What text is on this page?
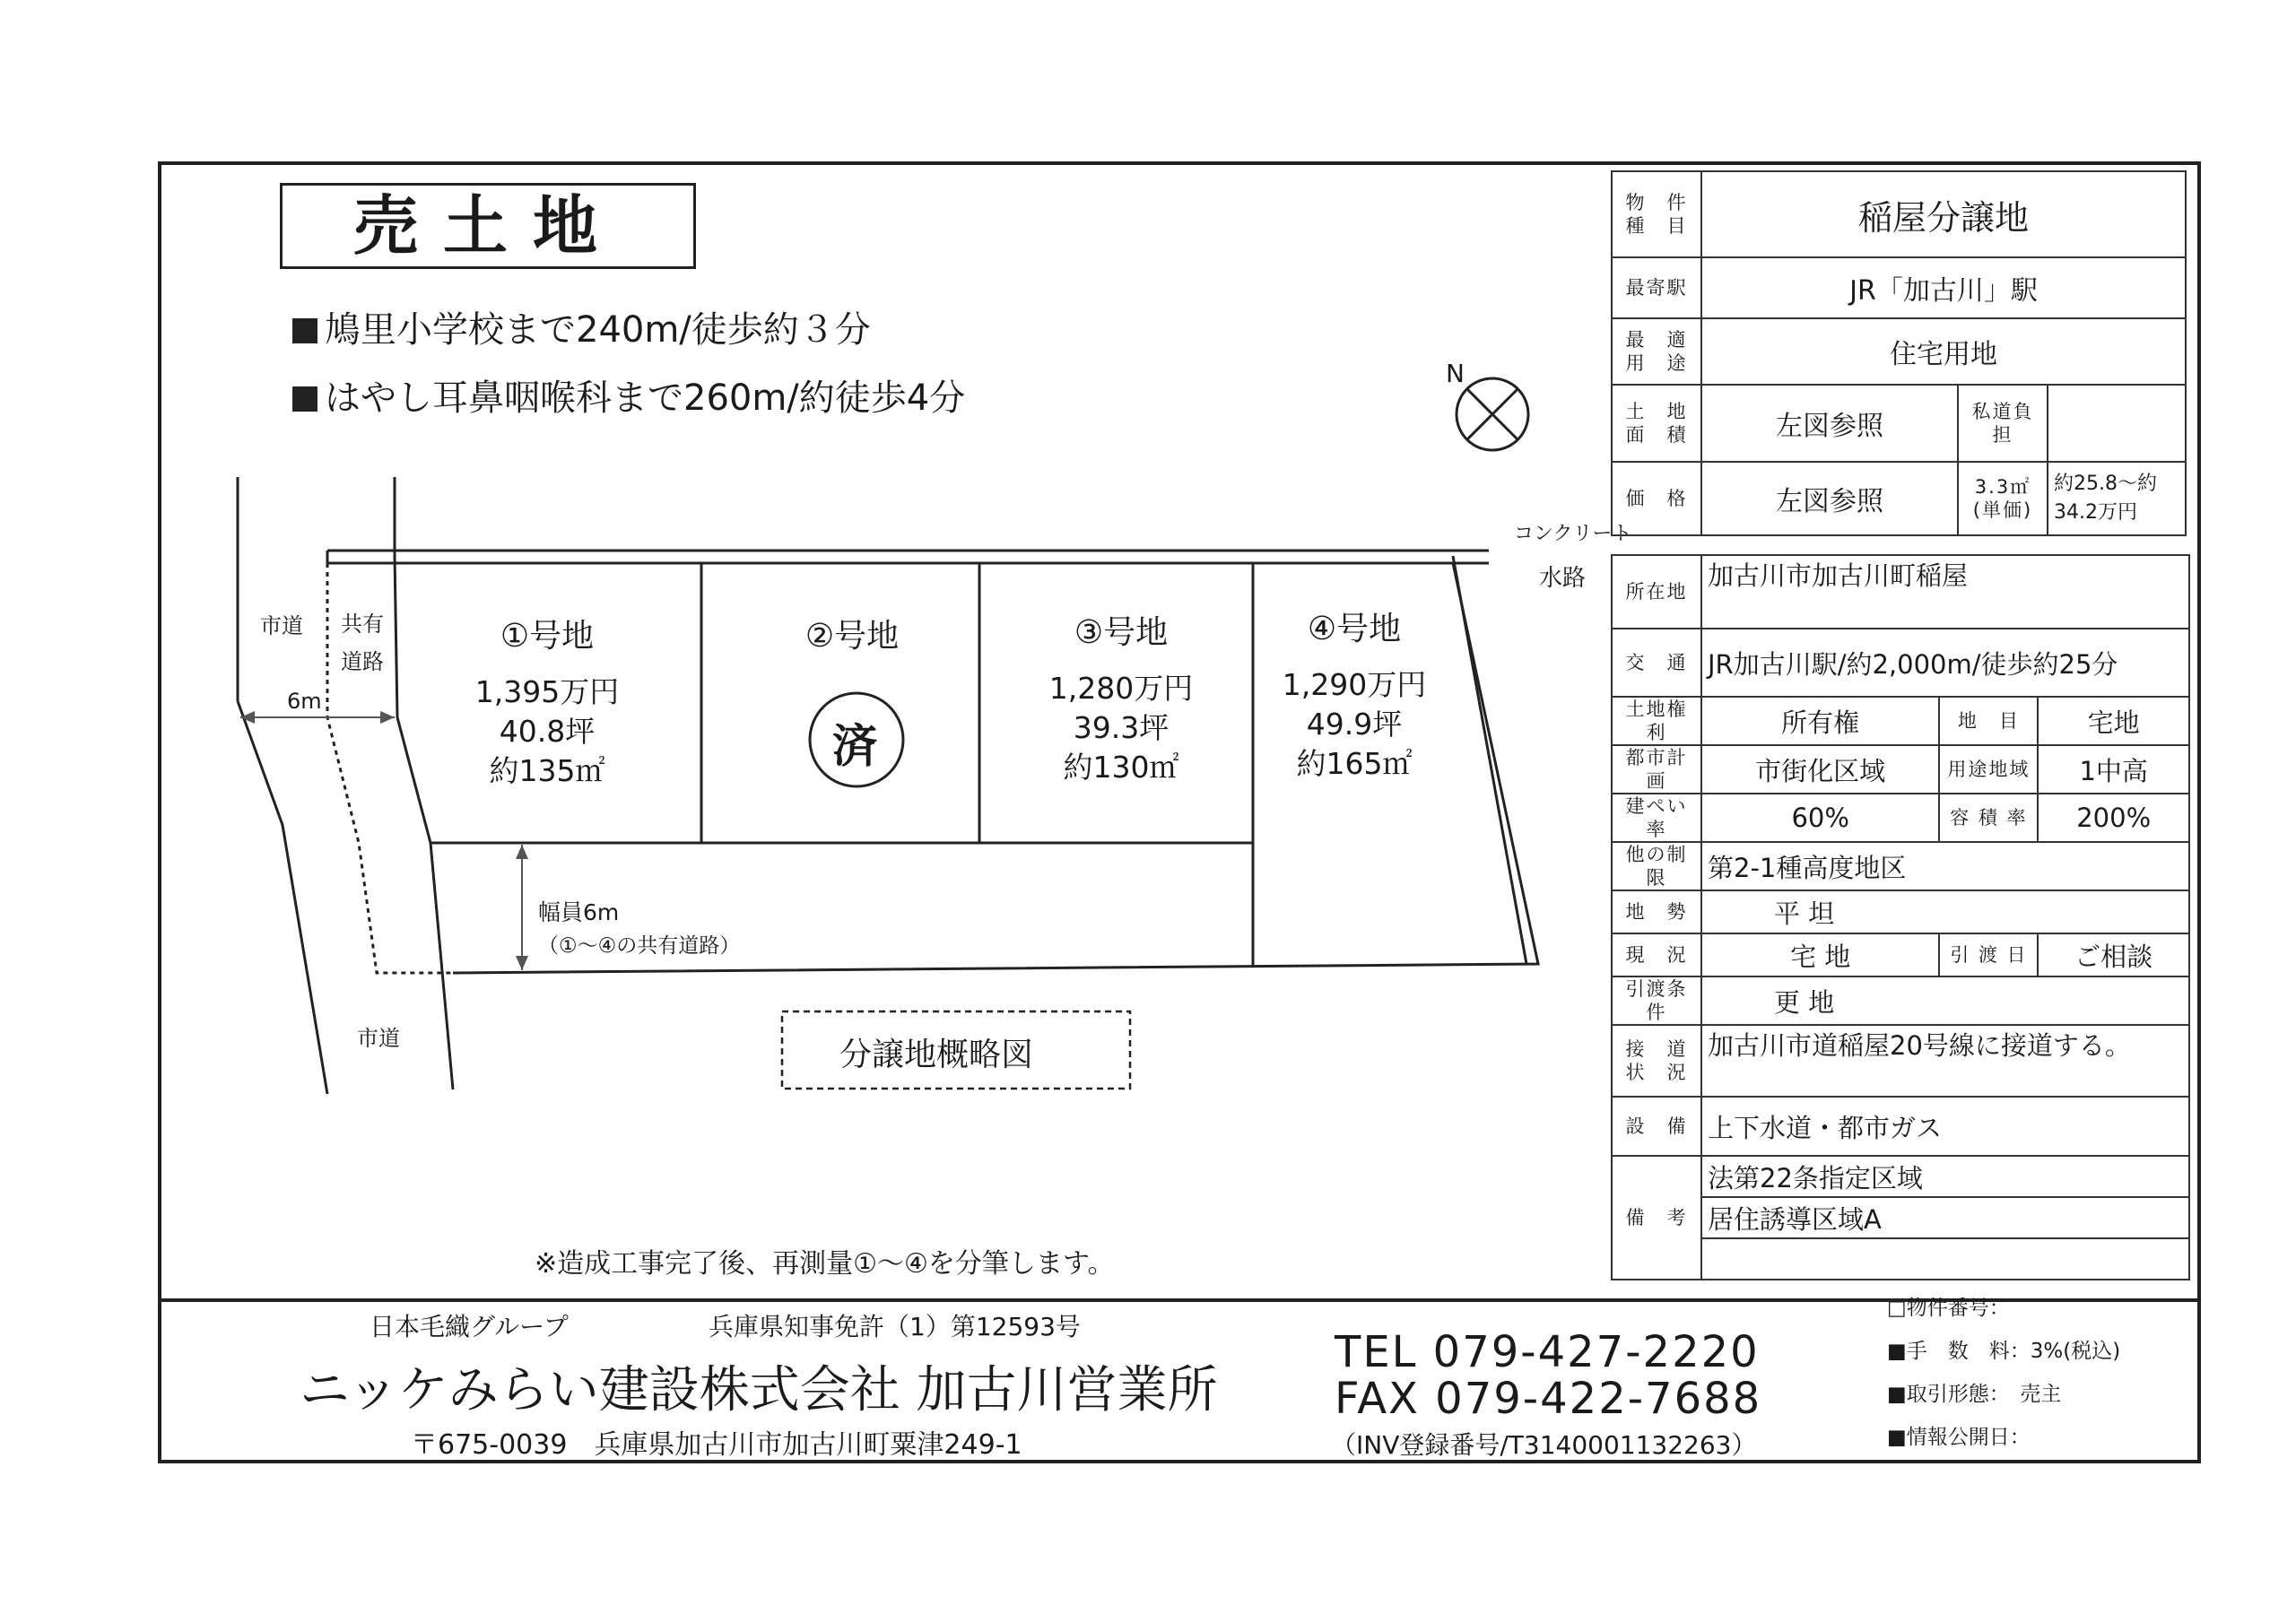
売土地
鳩里小学校まで240m/徒歩約３分
はやし耳鼻咽喉科まで260m/約徒歩4分
N
コンクリート
水路
市道 共有
道路
6m
市道
幅員6m
（①～④の共有道路）
分譲地概略図
①号地
1,395万円
40.8坪
約135㎡
②号地
済
③号地
1,280万円
39.3坪
約130㎡
④号地
1,290万円
49.9坪
約165㎡
※造成工事完了後、再測量①～④を分筆します。
物　件種　目	稲屋分譲地		
最寄駅	JR「加古川」駅		
最　適用　途	住宅用地		
土　地面　積	左図参照	私道負担	
価　格	左図参照	3.3㎡(単価)	約25.8～約34.2万円
所在地	加古川市加古川町稲屋		
交　通	JR加古川駅/約2,000m/徒歩約25分		
土地権利	所有権	地　目	宅地
都市計画	市街化区域	用途地域	1中高
建ぺい率	60%	容 積 率	200%
他の制限	第2-1種高度地区		
地　勢	平 坦		
現　況	宅 地	引 渡 日	ご相談
引渡条件	更 地		
接　道状　況	加古川市道稲屋20号線に接道する。		
設　備	上下水道・都市ガス		
備　考	法第22条指定区域		
	居住誘導区域A		

日本毛織グループ	兵庫県知事免許（1）第12593号
ニッケみらい建設株式会社 加古川営業所
〒675-0039　兵庫県加古川市加古川町粟津249-1
TEL 079-427-2220
FAX 079-422-7688
（INV登録番号/T3140001132263）
□物件番号：
■手　数　料：3%(税込)
■取引形態：　売主
■情報公開日：
